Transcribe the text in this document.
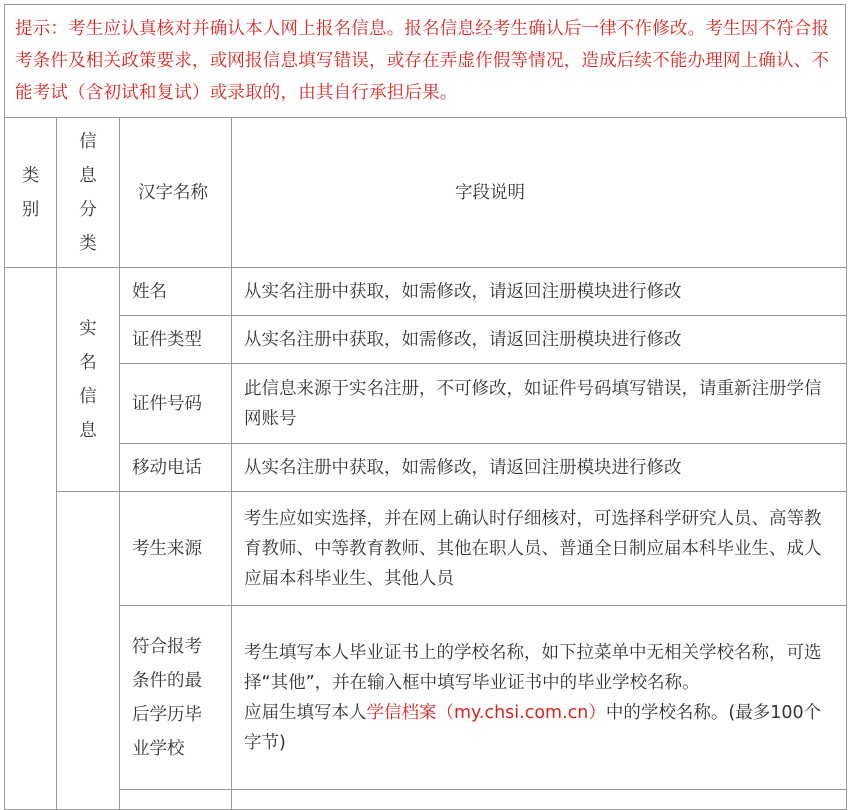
提示：考生应认真核对并确认本人网上报名信息。报名信息经考生确认后一律不作修改。考生因不符合报考条件及相关政策要求，或网报信息填写错误，或存在弄虚作假等情况，造成后续不能办理网上确认、不能考试（含初试和复试）或录取的，由其自行承担后果。
类别	信息分类	汉字名称	字段说明
	实名信息	姓名	从实名注册中获取，如需修改，请返回注册模块进行修改
		证件类型	从实名注册中获取，如需修改，请返回注册模块进行修改
		证件号码	此信息来源于实名注册，不可修改，如证件号码填写错误，请重新注册学信网账号
		移动电话	从实名注册中获取，如需修改，请返回注册模块进行修改
		考生来源	考生应如实选择，并在网上确认时仔细核对，可选择科学研究人员、高等教育教师、中等教育教师、其他在职人员、普通全日制应届本科毕业生、成人应届本科毕业生、其他人员
		符合报考条件的最后学历毕业学校	考生填写本人毕业证书上的学校名称，如下拉菜单中无相关学校名称，可选择“其他”，并在输入框中填写毕业证书中的毕业学校名称。

应届生填写本人学信档案（my.chsi.com.cn）中的学校名称。(最多100个字节)
